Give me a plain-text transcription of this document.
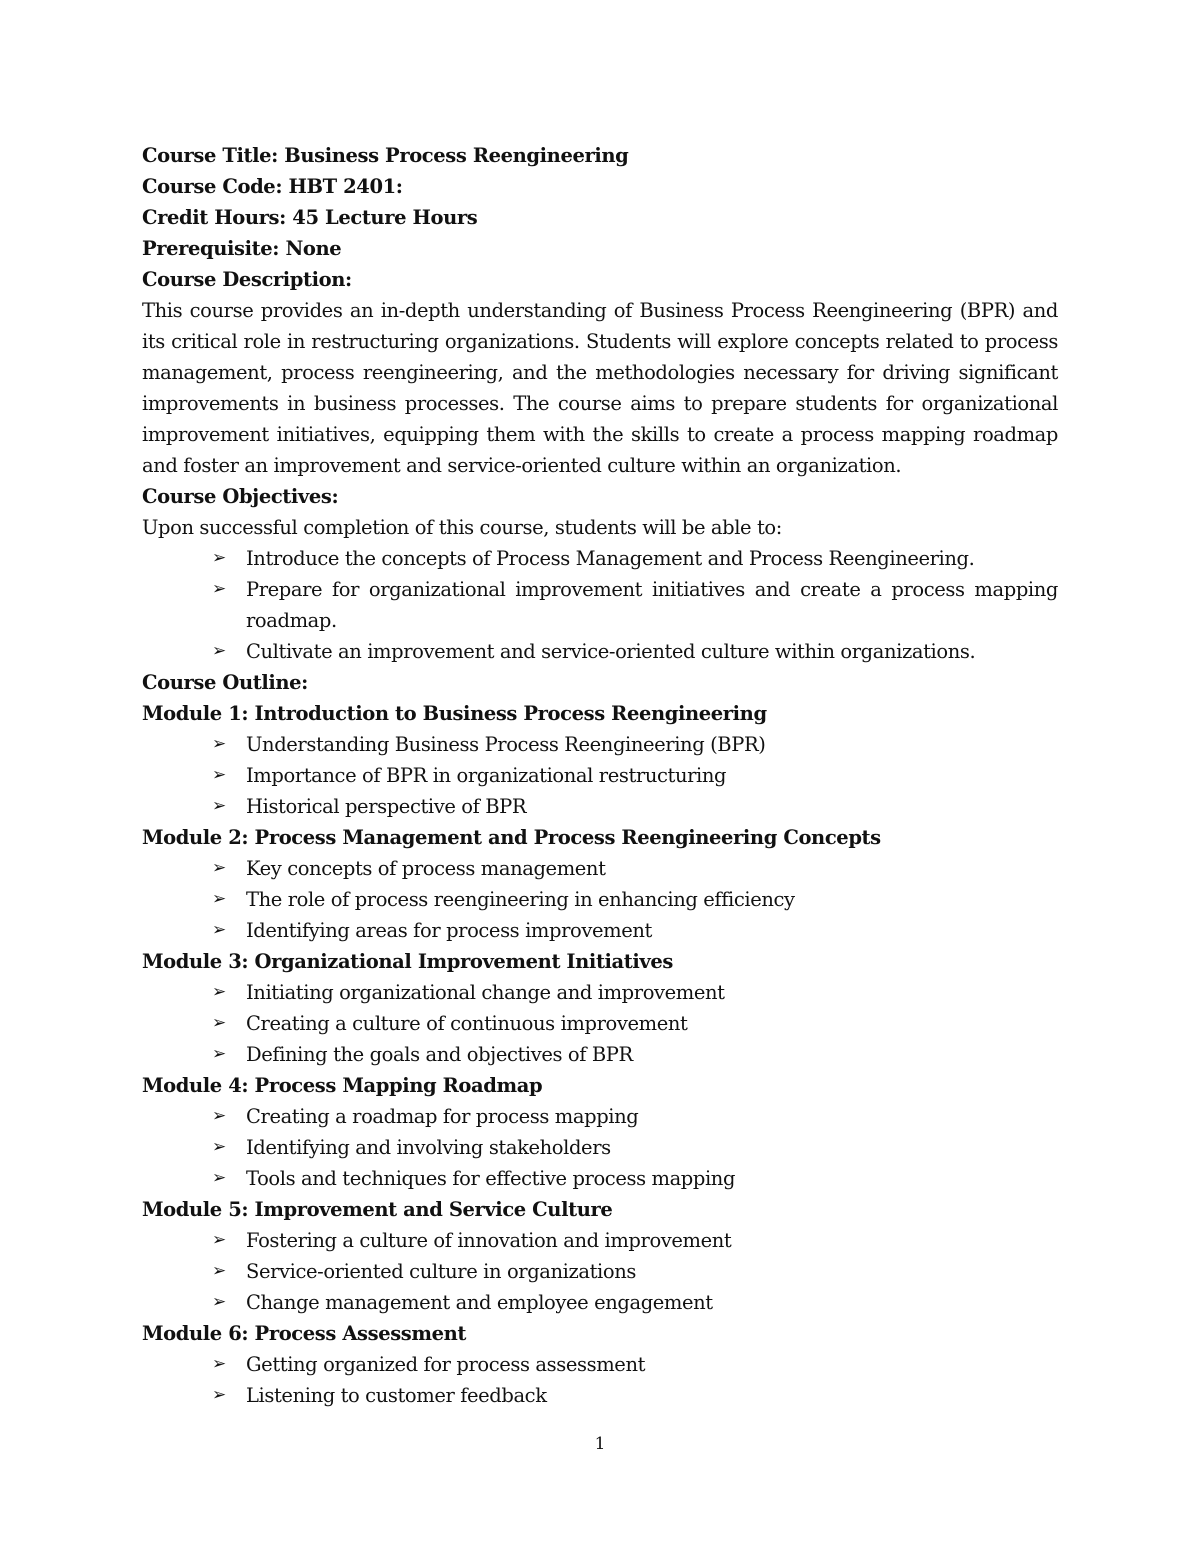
Course Title: Business Process Reengineering

Course Code: HBT 2401:

Credit Hours: 45 Lecture Hours

Prerequisite: None

Course Description:

This course provides an in-depth understanding of Business Process Reengineering (BPR) and its critical role in restructuring organizations. Students will explore concepts related to process management, process reengineering, and the methodologies necessary for driving significant improvements in business processes. The course aims to prepare students for organizational improvement initiatives, equipping them with the skills to create a process mapping roadmap and foster an improvement and service-oriented culture within an organization.

Course Objectives:

Upon successful completion of this course, students will be able to:

➢ Introduce the concepts of Process Management and Process Reengineering.
➢ Prepare for organizational improvement initiatives and create a process mapping roadmap.
➢ Cultivate an improvement and service-oriented culture within organizations.

Course Outline:

Module 1: Introduction to Business Process Reengineering

➢ Understanding Business Process Reengineering (BPR)
➢ Importance of BPR in organizational restructuring
➢ Historical perspective of BPR

Module 2: Process Management and Process Reengineering Concepts

➢ Key concepts of process management
➢ The role of process reengineering in enhancing efficiency
➢ Identifying areas for process improvement

Module 3: Organizational Improvement Initiatives

➢ Initiating organizational change and improvement
➢ Creating a culture of continuous improvement
➢ Defining the goals and objectives of BPR

Module 4: Process Mapping Roadmap

➢ Creating a roadmap for process mapping
➢ Identifying and involving stakeholders
➢ Tools and techniques for effective process mapping

Module 5: Improvement and Service Culture

➢ Fostering a culture of innovation and improvement
➢ Service-oriented culture in organizations
➢ Change management and employee engagement

Module 6: Process Assessment

➢ Getting organized for process assessment
➢ Listening to customer feedback
1
